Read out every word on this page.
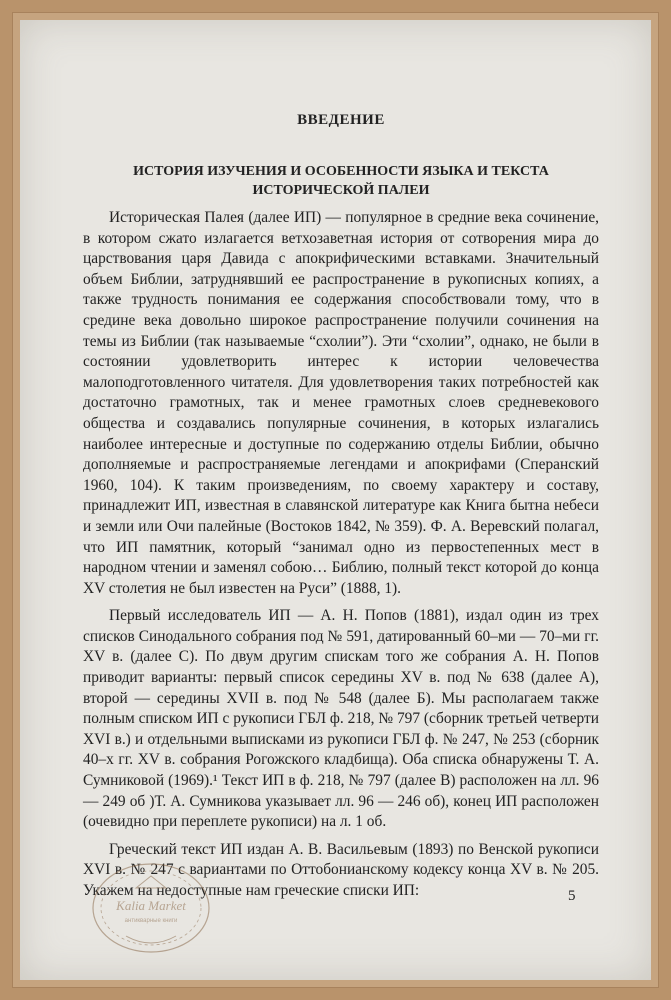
ВВЕДЕНИЕ
ИСТОРИЯ ИЗУЧЕНИЯ И ОСОБЕННОСТИ ЯЗЫКА И ТЕКСТА
ИСТОРИЧЕСКОЙ ПАЛЕИ

Историческая Палея (далее ИП) — популярное в средние века сочинение, в котором сжато излагается ветхозаветная история от сотворения мира до царствования царя Давида с апокрифическими вставками. Значительный объем Библии, затруднявший ее распространение в рукописных копиях, а также трудность понимания ее содержания способствовали тому, что в средине века довольно широкое распространение получили сочинения на темы из Библии (так называемые “схолии”). Эти “схолии”, однако, не были в состоянии удовлетворить интерес к истории человечества малоподготовленного читателя. Для удовлетворения таких потребностей как достаточно грамотных, так и менее грамотных слоев средневекового общества и создавались популярные сочинения, в которых излагались наиболее интересные и доступные по содержанию отделы Библии, обычно дополняемые и распространяемые легендами и апокрифами (Сперанский 1960, 104). К таким произведениям, по своему характеру и составу, принадлежит ИП, известная в славянской литературе как Книга бытна небеси и земли или Очи палейные (Востоков 1842, № 359). Ф. А. Веревский полагал, что ИП памятник, который “занимал одно из первостепенных мест в народном чтении и заменял собою… Библию, полный текст которой до конца XV столетия не был известен на Руси” (1888, 1).

Первый исследователь ИП — А. Н. Попов (1881), издал один из трех списков Синодального собрания под № 591, датированный 60–ми — 70–ми гг. XV в. (далее С). По двум другим спискам того же собрания А. Н. Попов приводит варианты: первый список середины XV в. под № 638 (далее А), второй — середины XVII в. под № 548 (далее Б). Мы располагаем также полным списком ИП с рукописи ГБЛ ф. 218, № 797 (сборник третьей четверти XVI в.) и отдельными выписками из рукописи ГБЛ ф. № 247, № 253 (сборник 40–х гг. XV в. собрания Рогожского кладбища). Оба списка обнаружены Т. А. Сумниковой (1969).¹ Текст ИП в ф. 218, № 797 (далее В) расположен на лл. 96 — 249 об )Т. А. Сумникова указывает лл. 96 — 246 об), конец ИП расположен (очевидно при переплете рукописи) на л. 1 об.

Греческий текст ИП издан А. В. Васильевым (1893) по Венской рукописи XVI в. № 247 с вариантами по Оттобонианскому кодексу конца XV в. № 205. Укажем на недоступные нам греческие списки ИП:	5
Kalia Market
антикварные книги
